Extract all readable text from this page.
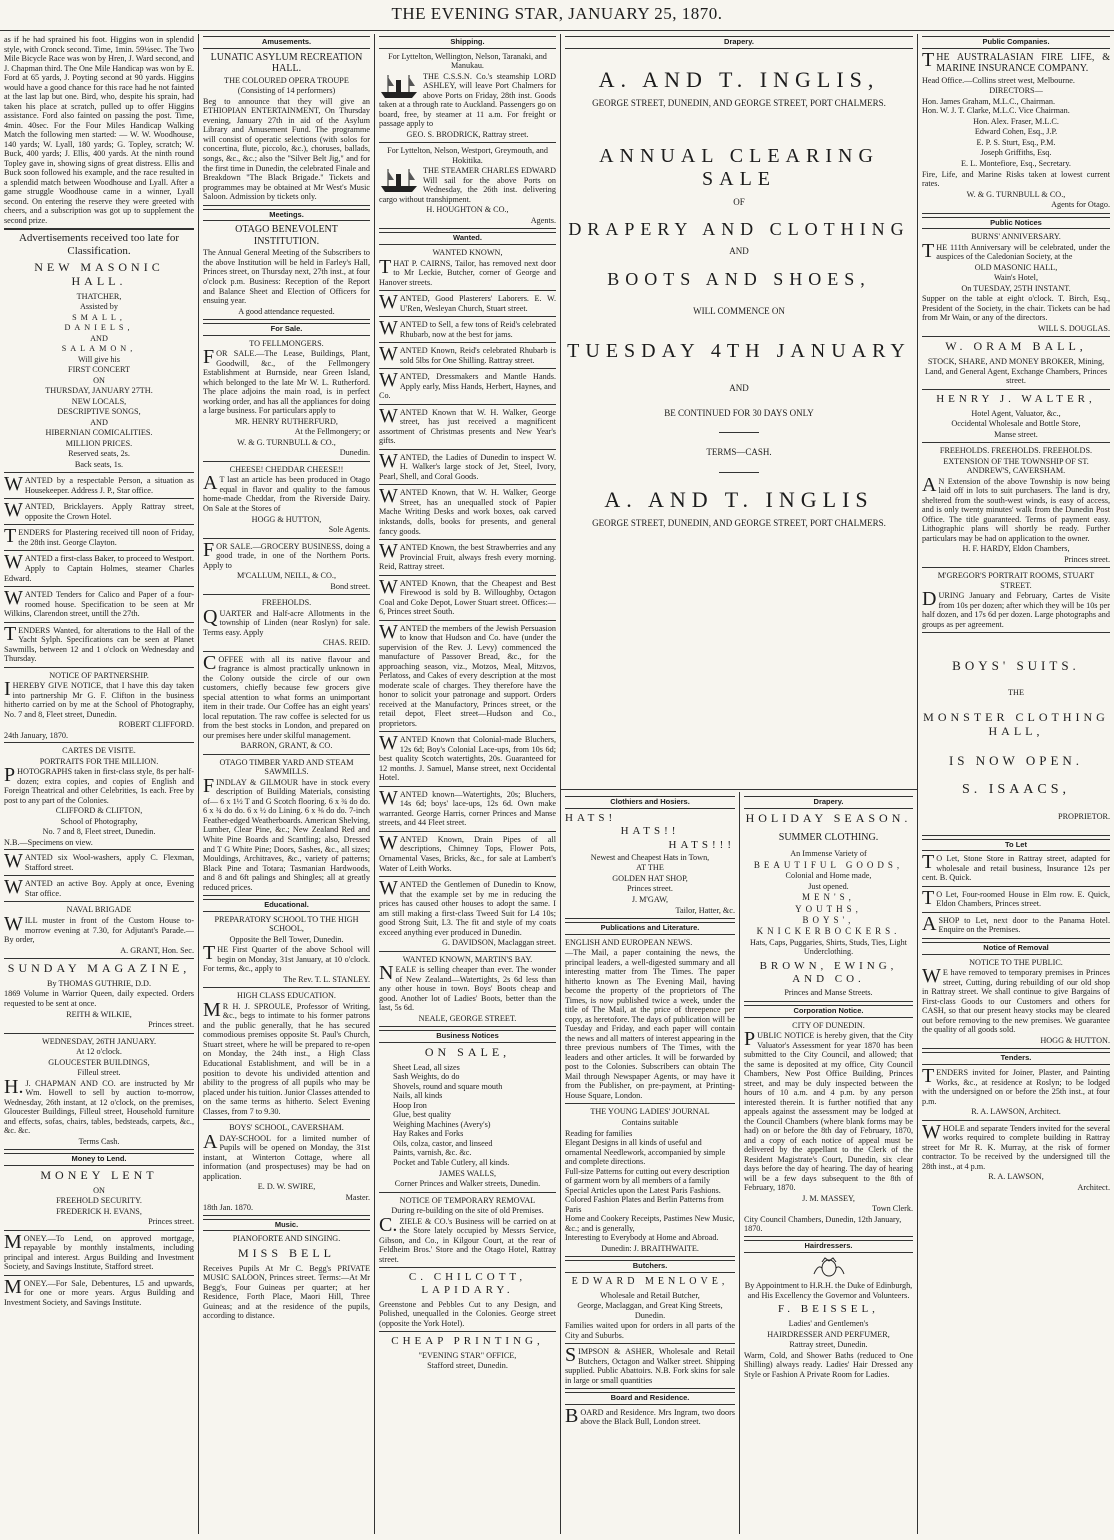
THE EVENING STAR, JANUARY 25, 1870.

as if he had sprained his foot. Higgins won in splendid style, with Cronck second. Time, 1min. 59¼sec. The Two Mile Bicycle Race was won by Hren, J. Ward second, and J. Chapman third. The One Mile Handicap was won by E. Ford at 65 yards, J. Poyting second at 90 yards. Higgins would have a good chance for this race had he not fainted at the last lap but one. Bird, who, despite his sprain, had taken his place at scratch, pulled up to offer Higgins assistance. Ford also fainted on passing the post. Time, 4min. 40sec. For the Four Miles Handicap Walking Match the following men started: — W. W. Woodhouse, 140 yards; W. Lyall, 180 yards; G. Topley, scratch; W. Buck, 400 yards; J. Ellis, 400 yards. At the ninth round Topley gave in, showing signs of great distress. Ellis and Buck soon followed his example, and the race resulted in a splendid match between Woodhouse and Lyall. After a game struggle Woodhouse came in a winner, Lyall second. On entering the reserve they were greeted with cheers, and a subscription was got up to supplement the second prize.

Advertisements received too late for Classification.
NEW MASONIC HALL.
THATCHER,
Assisted by
SMALL,
DANIELS,
AND
SALAMON,
Will give his
FIRST CONCERT
ON
THURSDAY, JANUARY 27TH.
NEW LOCALS,
DESCRIPTIVE SONGS,
AND
HIBERNIAN COMICALITIES.
MILLION PRICES.
Reserved seats, 2s.
Back seats, 1s.

WANTED by a respectable Person, a situation as Housekeeper. Address J. P., Star office.

WANTED, Bricklayers. Apply Rattray street, opposite the Crown Hotel.

TENDERS for Plastering received till noon of Friday, the 28th inst. George Clayton.

WANTED a first-class Baker, to proceed to Westport. Apply to Captain Holmes, steamer Charles Edward.

WANTED Tenders for Calico and Paper of a four-roomed house. Specification to be seen at Mr Wilkins, Clarendon street, untill the 27th.

TENDERS Wanted, for alterations to the Hall of the Yacht Sylph. Specifications can be seen at Planet Sawmills, between 12 and 1 o'clock on Wednesday and Thursday.

NOTICE OF PARTNERSHIP.

IHEREBY GIVE NOTICE, that I have this day taken into partnership Mr G. F. Clifton in the business hitherto carried on by me at the School of Photography, No. 7 and 8, Fleet street, Dunedin.

ROBERT CLIFFORD.
24th January, 1870.
CARTES DE VISITE.
PORTRAITS FOR THE MILLION.

PHOTOGRAPHS taken in first-class style, 8s per half-dozen; extra copies, and copies of English and Foreign Theatrical and other Celebrities, 1s each. Free by post to any part of the Colonies.

CLIFFORD & CLIFTON,
School of Photography,
No. 7 and 8, Fleet street, Dunedin.
N.B.—Specimens on view.

WANTED six Wool-washers, apply C. Flexman, Stafford street.

WANTED an active Boy. Apply at once, Evening Star office.

NAVAL BRIGADE

WILL muster in front of the Custom House to-morrow evening at 7.30, for Adjutant's Parade.—By order,

A. GRANT, Hon. Sec.
SUNDAY MAGAZINE,
By THOMAS GUTHRIE, D.D.

1869 Volume in Warrior Queen, daily expected. Orders requested to be sent at once.

REITH & WILKIE,
Princes street.
WEDNESDAY, 26TH JANUARY.
At 12 o'clock.
GLOUCESTER BUILDINGS,
Filleul street.

H.J. CHAPMAN AND CO. are instructed by Mr Wm. Howell to sell by auction to-morrow, Wednesday, 26th instant, at 12 o'clock, on the premises, Gloucester Buildings, Filleul street, Household furniture and effects, sofas, chairs, tables, bedsteads, carpets, &c., &c. &c.

Terms Cash.
Money to Lend.
MONEY LENT
ON
FREEHOLD SECURITY.
FREDERICK H. EVANS,
Princes street.

MONEY.—To Lend, on approved mortgage, repayable by monthly instalments, including principal and interest. Argus Building and Investment Society, and Savings Institute, Stafford street.

MONEY.—For Sale, Debentures, L5 and upwards, for one or more years. Argus Building and Investment Society, and Savings Institute.

Amusements.
LUNATIC ASYLUM RECREATION HALL.
THE COLOURED OPERA TROUPE
(Consisting of 14 performers)

Beg to announce that they will give an ETHIOPIAN ENTERTAINMENT, On Thursday evening, January 27th in aid of the Asylum Library and Amusement Fund. The programme will consist of operatic selections (with solos for concertina, flute, piccolo, &c.), choruses, ballads, songs, &c., &c.; also the "Silver Belt Jig," and for the first time in Dunedin, the celebrated Finale and Breakdown "The Black Brigade." Tickets and programmes may be obtained at Mr West's Music Saloon. Admission by tickets only.

Meetings.
OTAGO BENEVOLENT INSTITUTION.

The Annual General Meeting of the Subscribers to the above Institution will be held in Farley's Hall, Princes street, on Thursday next, 27th inst., at four o'clock p.m. Business: Reception of the Report and Balance Sheet and Election of Officers for ensuing year.

A good attendance requested.
For Sale.
TO FELLMONGERS.

FOR SALE.—The Lease, Buildings, Plant, Goodwill, &c., of the Fellmongery Establishment at Burnside, near Green Island, which belonged to the late Mr W. L. Rutherford. The place adjoins the main road, is in perfect working order, and has all the appliances for doing a large business. For particulars apply to

MR. HENRY RUTHERFURD,
At the Fellmongery; or
W. & G. TURNBULL & CO.,
Dunedin.
CHEESE! CHEDDAR CHEESE!!

AT last an article has been produced in Otago equal in flavor and quality to the famous home-made Cheddar, from the Riverside Dairy. On Sale at the Stores of

HOGG & HUTTON,
Sole Agents.

FOR SALE.—GROCERY BUSINESS, doing a good trade, in one of the Northern Ports. Apply to

M'CALLUM, NEILL, & CO.,
Bond street.
FREEHOLDS.

QUARTER and Half-acre Allotments in the township of Linden (near Roslyn) for sale. Terms easy. Apply

CHAS. REID.

COFFEE with all its native flavour and fragrance is almost practically unknown in the Colony outside the circle of our own customers, chiefly because few grocers give special attention to what forms an unimportant item in their trade. Our Coffee has an eight years' local reputation. The raw coffee is selected for us from the best stocks in London, and prepared on our premises here under skilful management.

BARRON, GRANT, & CO.
OTAGO TIMBER YARD AND STEAM SAWMILLS.

FINDLAY & GILMOUR have in stock every description of Building Materials, consisting of— 6 x 1½ T and G Scotch flooring. 6 x ¾ do do. 6 x ¾ do do. 6 x ½ do Lining. 6 x ⅜ do do. 7-inch Feather-edged Weatherboards. American Shelving, Lumber, Clear Pine, &c.; New Zealand Red and White Pine Boards and Scantling; also, Dressed and T G White Pine; Doors, Sashes, &c., all sizes; Mouldings, Architraves, &c., variety of patterns; Black Pine and Totara; Tasmanian Hardwoods, and 8 and 6ft palings and Shingles; all at greatly reduced prices.

Educational.
PREPARATORY SCHOOL TO THE HIGH SCHOOL,
Opposite the Bell Tower, Dunedin.

THE First Quarter of the above School will begin on Monday, 31st January, at 10 o'clock. For terms, &c., apply to

The Rev. T. L. STANLEY.
HIGH CLASS EDUCATION.

MR H. J. SPROULE, Professor of Writing, &c., begs to intimate to his former patrons and the public generally, that he has secured commodious premises opposite St. Paul's Church, Stuart street, where he will be prepared to re-open on Monday, the 24th inst., a High Class Educational Establishment, and will be in a position to devote his undivided attention and ability to the progress of all pupils who may be placed under his tuition. Junior Classes attended to on the same terms as hitherto. Select Evening Classes, from 7 to 9.30.

BOYS' SCHOOL, CAVERSHAM.

ADAY-SCHOOL for a limited number of Pupils will be opened on Monday, the 31st instant, at Winterton Cottage, where all information (and prospectuses) may be had on application.

E. D. W. SWIRE,
Master.
18th Jan. 1870.
Music.
PIANOFORTE AND SINGING.
MISS BELL

Receives Pupils At Mr C. Begg's PRIVATE MUSIC SALOON, Princes street. Terms:—At Mr Begg's, Four Guineas per quarter; at her Residence, Forth Place, Maori Hill, Three Guineas; and at the residence of the pupils, according to distance.

Shipping.
For Lyttelton, Wellington, Nelson, Taranaki, and Manukau.

THE C.S.S.N. Co.'s steamship LORD ASHLEY, will leave Port Chalmers for above Ports on Friday, 28th inst. Goods taken at a through rate to Auckland. Passengers go on board, free, by steamer at 11 a.m. For freight or passage apply to

GEO. S. BRODRICK, Rattray street.
For Lyttelton, Nelson, Westport, Greymouth, and Hokitika.

THE STEAMER CHARLES EDWARD Will sail for the above Ports on Wednesday, the 26th inst. delivering cargo without transhipment.

H. HOUGHTON & CO.,
Agents.
Wanted.
WANTED KNOWN,

THAT P. CAIRNS, Tailor, has removed next door to Mr Leckie, Butcher, corner of George and Hanover streets.

WANTED, Good Plasterers' Laborers. E. W. U'Ren, Wesleyan Church, Stuart street.

WANTED to Sell, a few tons of Reid's celebrated Rhubarb, now at the best for jams.

WANTED Known, Reid's celebrated Rhubarb is sold 5lbs for One Shilling. Rattray street.

WANTED, Dressmakers and Mantle Hands. Apply early, Miss Hands, Herbert, Haynes, and Co.

WANTED Known that W. H. Walker, George street, has just received a magnificent assortment of Christmas presents and New Year's gifts.

WANTED, the Ladies of Dunedin to inspect W. H. Walker's large stock of Jet, Steel, Ivory, Pearl, Shell, and Coral Goods.

WANTED Known, that W. H. Walker, George Street, has an unequalled stock of Papier Mache Writing Desks and work boxes, oak carved inkstands, dolls, books for presents, and general fancy goods.

WANTED Known, the best Strawberries and any Provincial Fruit, always fresh every morning. Reid, Rattray street.

WANTED Known, that the Cheapest and Best Firewood is sold by B. Willoughby, Octagon Coal and Coke Depot, Lower Stuart street. Offices:—6, Princes street South.

WANTED the members of the Jewish Persuasion to know that Hudson and Co. have (under the supervision of the Rev. J. Levy) commenced the manufacture of Passover Bread, &c., for the approaching season, viz., Motzos, Meal, Mitzvos, Perlatoss, and Cakes of every description at the most moderate scale of charges. They therefore have the honor to solicit your patronage and support. Orders received at the Manufactory, Princes street, or the retail depot, Fleet street—Hudson and Co., proprietors.

WANTED Known that Colonial-made Bluchers, 12s 6d; Boy's Colonial Lace-ups, from 10s 6d; best quality Scotch watertights, 20s. Guaranteed for 12 months. J. Samuel, Manse street, next Occidental Hotel.

WANTED known—Watertights, 20s; Bluchers, 14s 6d; boys' lace-ups, 12s 6d. Own make warranted. George Harris, corner Princes and Manse streets, and 44 Fleet street.

WANTED Known, Drain Pipes of all descriptions, Chimney Tops, Flower Pots, Ornamental Vases, Bricks, &c., for sale at Lambert's Water of Leith Works.

WANTED the Gentlemen of Dunedin to Know, that the example set by me in reducing the prices has caused other houses to adopt the same. I am still making a first-class Tweed Suit for L4 10s; good Strong Suit, L3. The fit and style of my coats exceed anything ever produced in Dunedin.

G. DAVIDSON, Maclaggan street.
WANTED KNOWN, MARTIN'S BAY.

NEALE is selling cheaper than ever. The wonder of New Zealand—Watertights, 2s 6d less than any other house in town. Boys' Boots cheap and good. Another lot of Ladies' Boots, better than the last, 5s 6d.

NEALE, GEORGE STREET.
Business Notices
ON SALE,
Sheet Lead, all sizes
Sash Weights, do do
Shovels, round and square mouth
Nails, all kinds
Hoop Iron
Glue, best quality
Weighing Machines (Avery's)
Hay Rakes and Forks
Oils, colza, castor, and linseed
Paints, varnish, &c. &c.
Pocket and Table Cutlery, all kinds.
JAMES WALLS,
Corner Princes and Walker streets, Dunedin.
NOTICE OF TEMPORARY REMOVAL
During re-building on the site of old Premises.

C.ZIELE & CO.'s Business will be carried on at the Store lately occupied by Messrs Service, Gibson, and Co., in Kilgour Court, at the rear of Feldheim Bros.' Store and the Otago Hotel, Rattray street.

C. CHILCOTT, LAPIDARY.

Greenstone and Pebbles Cut to any Design, and Polished, unequalled in the Colonies. George street (opposite the York Hotel).

CHEAP PRINTING,
"EVENING STAR" OFFICE,
Stafford street, Dunedin.
Drapery.
A. AND T. INGLIS,
GEORGE STREET, DUNEDIN, AND GEORGE STREET, PORT CHALMERS.
ANNUAL CLEARING SALE
OF
DRAPERY AND CLOTHING
AND
BOOTS AND SHOES,
WILL COMMENCE ON
TUESDAY 4TH JANUARY
AND
BE CONTINUED FOR 30 DAYS ONLY
TERMS—CASH.
A. AND T. INGLIS
GEORGE STREET, DUNEDIN, AND GEORGE STREET, PORT CHALMERS.
Clothiers and Hosiers.
HATS!
HATS!!
HATS!!!
Newest and Cheapest Hats in Town,
AT THE
GOLDEN HAT SHOP,
Princes street.
J. M'GAW,
Tailor, Hatter, &c.
Publications and Literature.
ENGLISH AND EUROPEAN NEWS.

—The Mail, a paper containing the news, the principal leaders, a well-digested summary and all interesting matter from The Times. The paper hitherto known as The Evening Mail, having become the property of the proprietors of The Times, is now published twice a week, under the title of The Mail, at the price of threepence per copy, as heretofore. The days of publication will be Tuesday and Friday, and each paper will contain the news and all matters of interest appearing in the three previous numbers of The Times, with the leaders and other articles. It will be forwarded by post to the Colonies. Subscribers can obtain The Mail through Newspaper Agents, or may have it from the Publisher, on pre-payment, at Printing-House Square, London.

THE YOUNG LADIES' JOURNAL
Contains suitable
Reading for families
Elegant Designs in all kinds of useful and ornamental Needlework, accompanied by simple and complete directions.
Full-size Patterns for cutting out every description of garment worn by all members of a family
Special Articles upon the Latest Paris Fashions.
Colored Fashion Plates and Berlin Patterns from Paris
Home and Cookery Receipts, Pastimes New Music, &c.; and is generally,
Interesting to Everybody at Home and Abroad.
Dunedin: J. BRAITHWAITE.
Butchers.
EDWARD MENLOVE,
Wholesale and Retail Butcher,
George, Maclaggan, and Great King Streets, Dunedin.

Families waited upon for orders in all parts of the City and Suburbs.

SIMPSON & ASHER, Wholesale and Retail Butchers, Octagon and Walker street. Shipping supplied. Public Abattoirs. N.B. Fork skins for sale in large or small quantities

Board and Residence.

BOARD and Residence. Mrs Ingram, two doors above the Black Bull, London street.

Drapery.
HOLIDAY SEASON.
SUMMER CLOTHING.
An Immense Variety of
BEAUTIFUL GOODS,
Colonial and Home made,
Just opened.
MEN'S,
YOUTHS,
BOYS',
KNICKERBOCKERS.
Hats, Caps, Puggaries, Shirts, Studs, Ties, Light Underclothing.
BROWN, EWING, AND CO.
Princes and Manse Streets.
Corporation Notice.
CITY OF DUNEDIN.

PUBLIC NOTICE is hereby given, that the City Valuator's Assessment for year 1870 has been submitted to the City Council, and allowed; that the same is deposited at my office, City Council Chambers, New Post Office Building, Princes street, and may be duly inspected between the hours of 10 a.m. and 4 p.m. by any person interested therein. It is further notified that any appeals against the assessment may be lodged at the Council Chambers (where blank forms may be had) on or before the 8th day of February, 1870, and a copy of each notice of appeal must be delivered by the appellant to the Clerk of the Resident Magistrate's Court, Dunedin, six clear days before the day of hearing. The day of hearing will be a few days subsequent to the 8th of February, 1870.

J. M. MASSEY,
Town Clerk.
City Council Chambers, Dunedin, 12th January, 1870.
Hairdressers.
By Appointment to H.R.H. the Duke of Edinburgh, and His Excellency the Governor and Volunteers.
F. BEISSEL,
Ladies' and Gentlemen's
HAIRDRESSER AND PERFUMER,
Rattray street, Dunedin.

Warm, Cold, and Shower Baths (reduced to One Shilling) always ready. Ladies' Hair Dressed any Style or Fashion A Private Room for Ladies.

Public Companies.

THE AUSTRALASIAN FIRE LIFE, & MARINE INSURANCE COMPANY.

Head Office.—Collins street west, Melbourne.

DIRECTORS—
Hon. James Graham, M.L.C., Chairman.
Hon. W. J. T. Clarke, M.L.C. Vice Chairman.
Hon. Alex. Fraser, M.L.C.
Edward Cohen, Esq., J.P.
E. P. S. Sturt, Esq., P.M.
Joseph Griffiths, Esq.
E. L. Montefiore, Esq., Secretary.

Fire, Life, and Marine Risks taken at lowest current rates.

W. & G. TURNBULL & CO.,
Agents for Otago.
Public Notices
BURNS' ANNIVERSARY.

THE 111th Anniversary will be celebrated, under the auspices of the Caledonian Society, at the

OLD MASONIC HALL,
Wain's Hotel,
On TUESDAY, 25TH INSTANT.

Supper on the table at eight o'clock. T. Birch, Esq., President of the Society, in the chair. Tickets can be had from Mr Wain, or any of the directors.

WILL S. DOUGLAS.
W. ORAM BALL,
STOCK, SHARE, AND MONEY BROKER, Mining, Land, and General Agent, Exchange Chambers, Princes street.
HENRY J. WALTER,
Hotel Agent, Valuator, &c.,
Occidental Wholesale and Bottle Store,
Manse street.
FREEHOLDS. FREEHOLDS. FREEHOLDS.
EXTENSION OF THE TOWNSHIP OF ST. ANDREW'S, CAVERSHAM.

AN Extension of the above Township is now being laid off in lots to suit purchasers. The land is dry, sheltered from the south-west winds, is easy of access, and is only twenty minutes' walk from the Dunedin Post Office. The title guaranteed. Terms of payment easy. Lithographic plans will shortly be ready. Further particulars may be had on application to the owner.

H. F. HARDY, Eldon Chambers,
Princes street.
M'GREGOR'S PORTRAIT ROOMS, STUART STREET.

DURING January and February, Cartes de Visite from 10s per dozen; after which they will be 10s per half dozen, and 17s 6d per dozen. Large photographs and groups as per agreement.

BOYS' SUITS.
THE
MONSTER CLOTHING HALL,
IS NOW OPEN.
S. ISAACS,
PROPRIETOR.
To Let

TO Let, Stone Store in Rattray street, adapted for wholesale and retail business, Insurance 12s per cent. B. Quick.

TO Let, Four-roomed House in Elm row. E. Quick, Eldon Chambers, Princes street.

ASHOP to Let, next door to the Panama Hotel. Enquire on the Premises.

Notice of Removal
NOTICE TO THE PUBLIC.

WE have removed to temporary premises in Princes street, Cutting, during rebuilding of our old shop in Rattray street. We shall continue to give Bargains of First-class Goods to our Customers and others for CASH, so that our present heavy stocks may be cleared out before removing to the new premises. We guarantee the quality of all goods sold.

HOGG & HUTTON.
Tenders.

TENDERS invited for Joiner, Plaster, and Painting Works, &c., at residence at Roslyn; to be lodged with the undersigned on or before the 25th inst., at four p.m.

R. A. LAWSON, Architect.

WHOLE and separate Tenders invited for the several works required to complete building in Rattray street for Mr R. K. Murray, at the risk of former contractor. To be received by the undersigned till the 28th inst., at 4 p.m.

R. A. LAWSON,
Architect.
